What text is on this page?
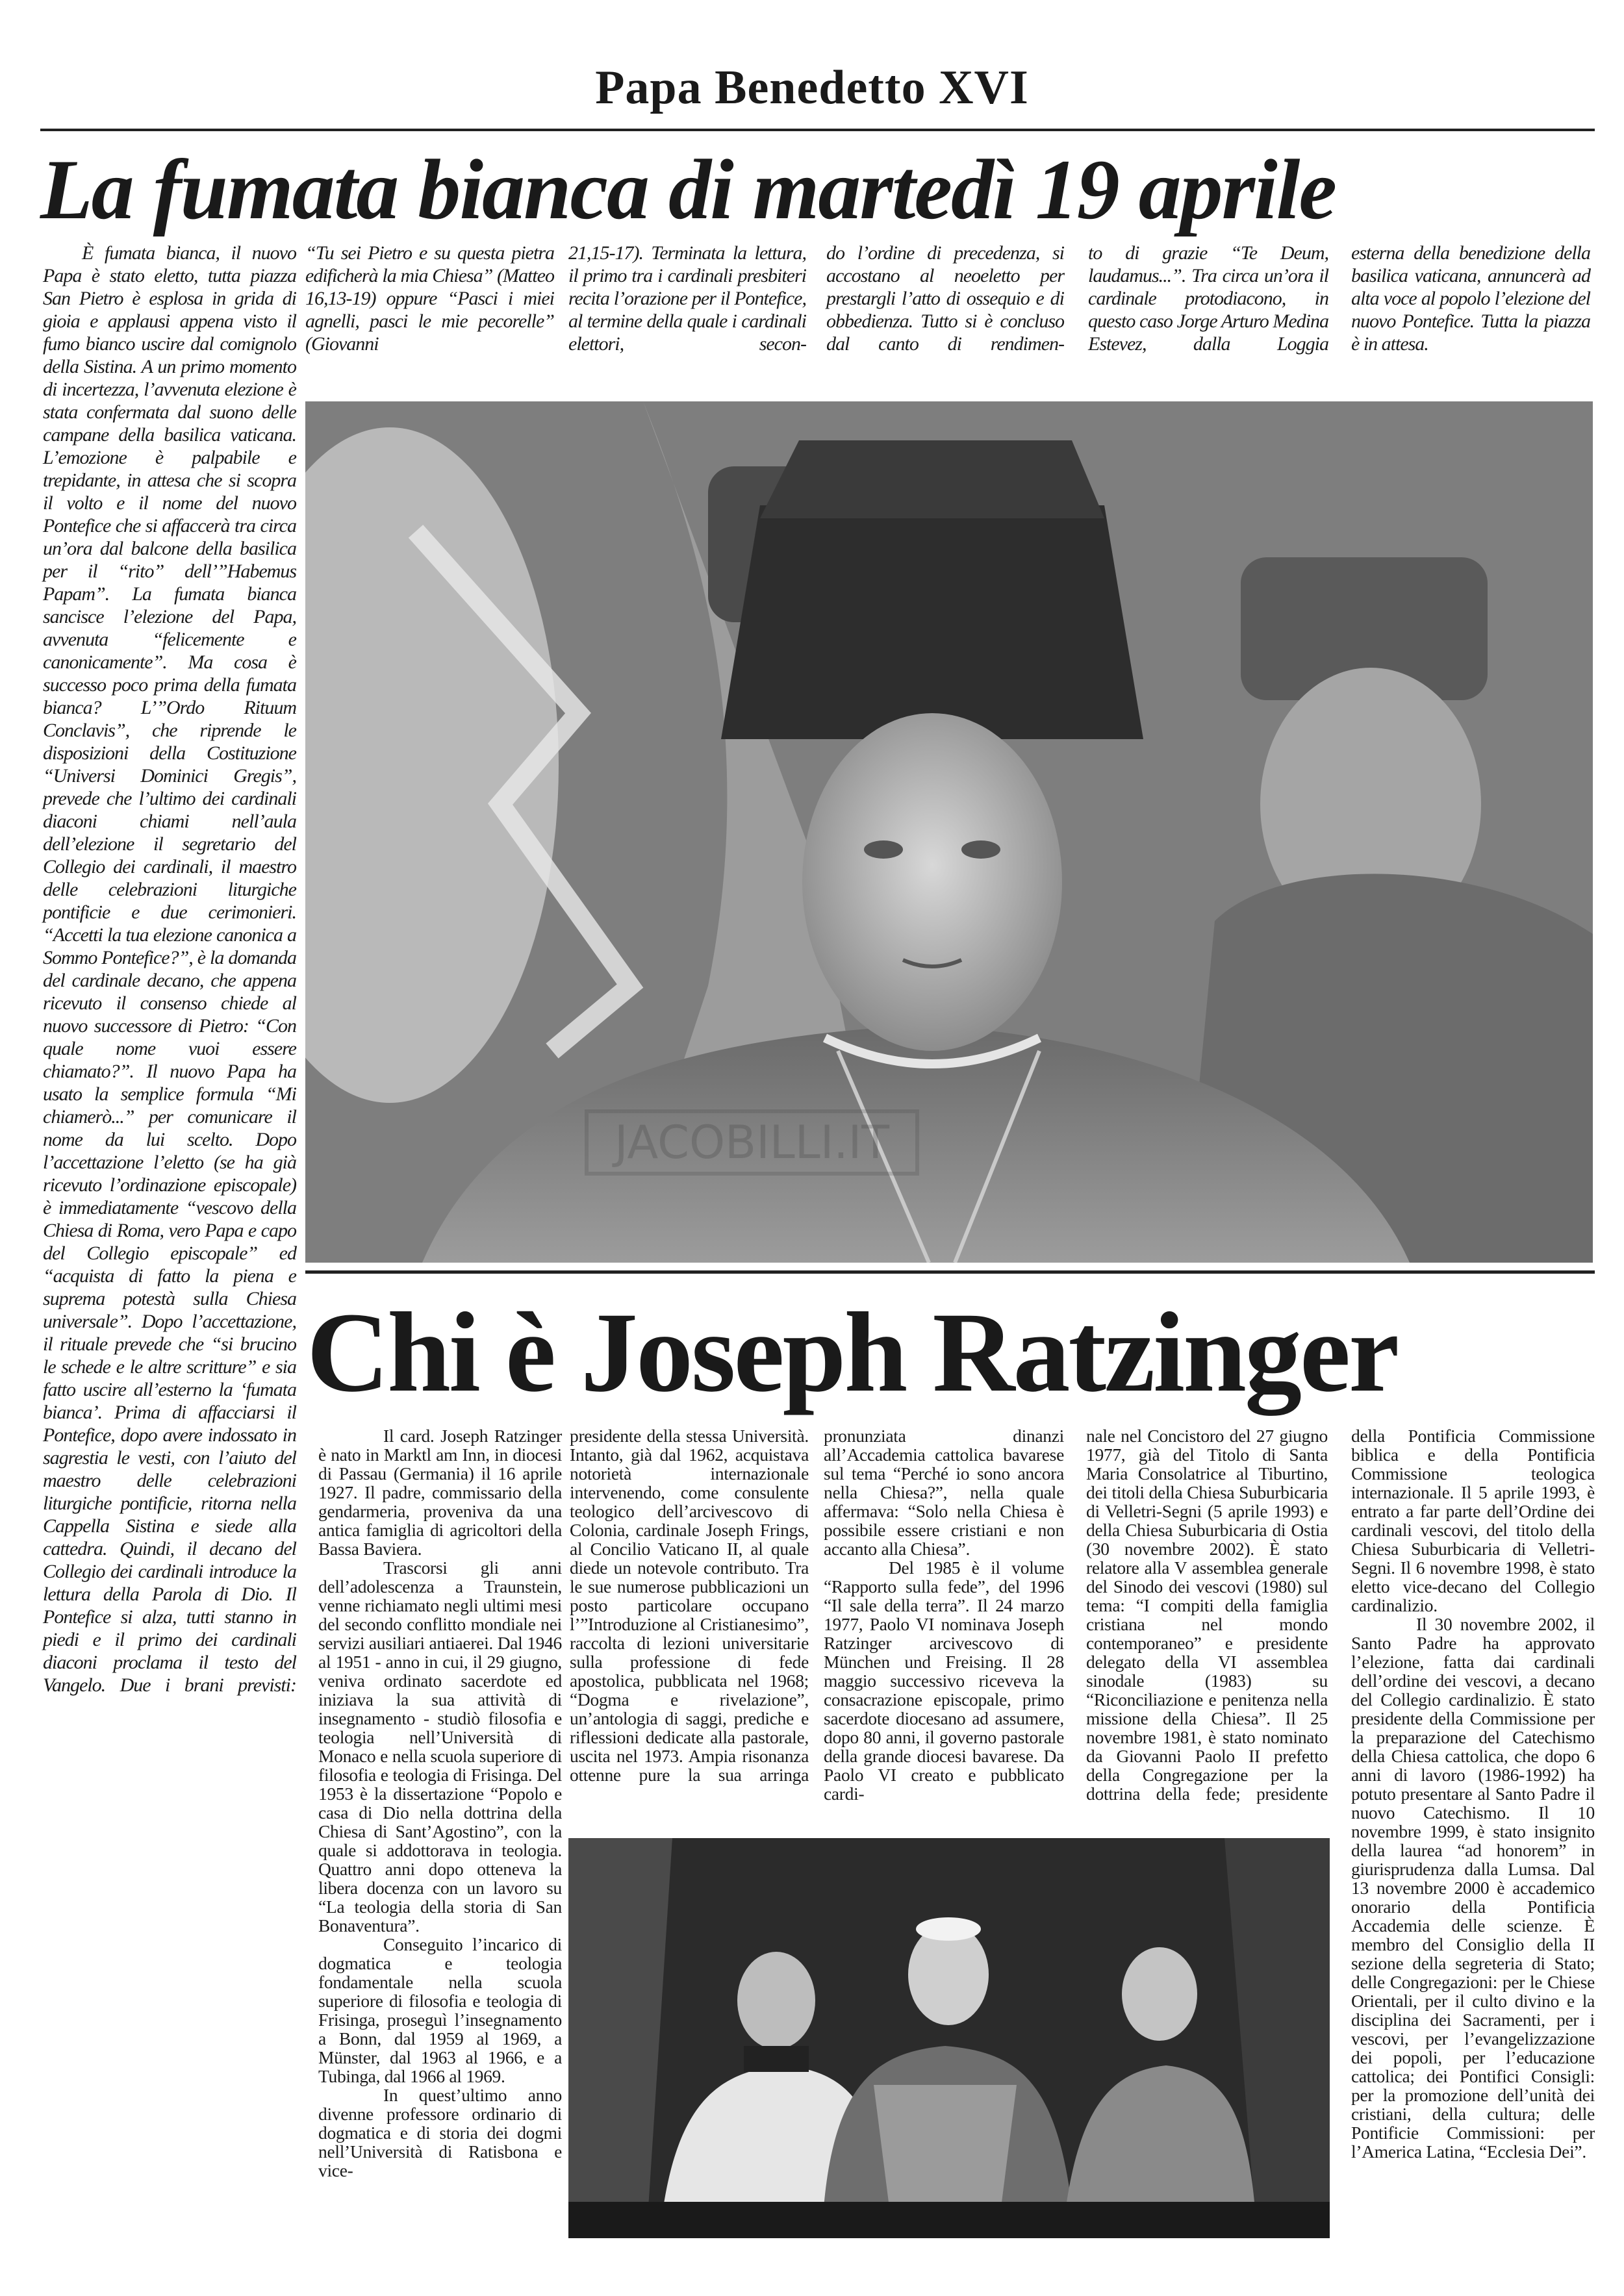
Papa Benedetto XVI
La fumata bianca di martedì 19 aprile

È fumata bianca, il nuovo Papa è stato eletto, tutta piazza San Pietro è esplosa in grida di gioia e applausi appena visto il fumo bianco uscire dal comignolo della Sistina. A un primo momento di incertezza, l’avvenuta elezione è stata confermata dal suono delle campane della basilica vaticana. L’emozione è palpabile e trepidante, in attesa che si scopra il volto e il nome del nuovo Pontefice che si affaccerà tra circa un’ora dal balcone della basilica per il “rito” dell’”Habemus Papam”. La fumata bianca sancisce l’elezione del Papa, avvenuta “felicemente e canonicamente”. Ma cosa è successo poco prima della fumata bianca? L’”Ordo Rituum Conclavis”, che riprende le disposizioni della Costituzione “Universi Dominici Gregis”, prevede che l’ultimo dei cardinali diaconi chiami nell’aula dell’elezione il segretario del Collegio dei cardinali, il maestro delle celebrazioni liturgiche pontificie e due cerimonieri. “Accetti la tua elezione canonica a Sommo Pontefice?”, è la domanda del cardinale decano, che appena ricevuto il consenso chiede al nuovo successore di Pietro: “Con quale nome vuoi essere chiamato?”. Il nuovo Papa ha usato la semplice formula “Mi chiamerò...” per comunicare il nome da lui scelto. Dopo l’accettazione l’eletto (se ha già ricevuto l’ordinazione episcopale) è immediatamente “vescovo della Chiesa di Roma, vero Papa e capo del Collegio episcopale” ed “acquista di fatto la piena e suprema potestà sulla Chiesa universale”. Dopo l’accettazione, il rituale prevede che “si brucino le schede e le altre scritture” e sia fatto uscire all’esterno la ‘fumata bianca’. Prima di affacciarsi il Pontefice, dopo avere indossato in sagrestia le vesti, con l’aiuto del maestro delle celebrazioni liturgiche pontificie, ritorna nella Cappella Sistina e siede alla cattedra. Quindi, il decano del Collegio dei cardinali introduce la lettura della Parola di Dio. Il Pontefice si alza, tutti stanno in piedi e il primo dei cardinali diaconi proclama il testo del Vangelo. Due i brani previsti:

“Tu sei Pietro e su questa pietra edificherà la mia Chiesa” (Matteo 16,13-19) oppure “Pasci i miei agnelli, pasci le mie pecorelle” (Giovanni

21,15-17). Terminata la lettura, il primo tra i cardinali presbiteri recita l’orazione per il Pontefice, al termine della quale i cardinali elettori, secon-

do l’ordine di precedenza, si accostano al neoeletto per prestargli l’atto di ossequio e di obbedienza. Tutto si è concluso dal canto di rendimen-

to di grazie “Te Deum, laudamus...”. Tra circa un’ora il cardinale protodiacono, in questo caso Jorge Arturo Medina Estevez, dalla Loggia

esterna della benedizione della basilica vaticana, annuncerà ad alta voce al popolo l’elezione del nuovo Pontefice. Tutta la piazza è in attesa.

JACOBILLI.IT
Chi è Joseph Ratzinger

Il card. Joseph Ratzinger è nato in Marktl am Inn, in diocesi di Passau (Germania) il 16 aprile 1927. Il padre, commissario della gendarmeria, proveniva da una antica famiglia di agricoltori della Bassa Baviera.

Trascorsi gli anni dell’adolescenza a Traunstein, venne richiamato negli ultimi mesi del secondo conflitto mondiale nei servizi ausiliari antiaerei. Dal 1946 al 1951 - anno in cui, il 29 giugno, veniva ordinato sacerdote ed iniziava la sua attività di insegnamento - studiò filosofia e teologia nell’Università di Monaco e nella scuola superiore di filosofia e teologia di Frisinga. Del 1953 è la dissertazione “Popolo e casa di Dio nella dottrina della Chiesa di Sant’Agostino”, con la quale si addottorava in teologia. Quattro anni dopo otteneva la libera docenza con un lavoro su “La teologia della storia di San Bonaventura”.

Conseguito l’incarico di dogmatica e teologia fondamentale nella scuola superiore di filosofia e teologia di Frisinga, proseguì l’insegnamento a Bonn, dal 1959 al 1969, a Münster, dal 1963 al 1966, e a Tubinga, dal 1966 al 1969.

In quest’ultimo anno divenne professore ordinario di dogmatica e di storia dei dogmi nell’Università di Ratisbona e vice-

presidente della stessa Università. Intanto, già dal 1962, acquistava notorietà internazionale intervenendo, come consulente teologico dell’arcivescovo di Colonia, cardinale Joseph Frings, al Concilio Vaticano II, al quale diede un notevole contributo. Tra le sue numerose pubblicazioni un posto particolare occupano l’”Introduzione al Cristianesimo”, raccolta di lezioni universitarie sulla professione di fede apostolica, pubblicata nel 1968; “Dogma e rivelazione”, un’antologia di saggi, prediche e riflessioni dedicate alla pastorale, uscita nel 1973. Ampia risonanza ottenne pure la sua arringa

pronunziata dinanzi all’Accademia cattolica bavarese sul tema “Perché io sono ancora nella Chiesa?”, nella quale affermava: “Solo nella Chiesa è possibile essere cristiani e non accanto alla Chiesa”.

Del 1985 è il volume “Rapporto sulla fede”, del 1996 “Il sale della terra”. Il 24 marzo 1977, Paolo VI nominava Joseph Ratzinger arcivescovo di München und Freising. Il 28 maggio successivo riceveva la consacrazione episcopale, primo sacerdote diocesano ad assumere, dopo 80 anni, il governo pastorale della grande diocesi bavarese. Da Paolo VI creato e pubblicato cardi-

nale nel Concistoro del 27 giugno 1977, già del Titolo di Santa Maria Consolatrice al Tiburtino, dei titoli della Chiesa Suburbicaria di Velletri-Segni (5 aprile 1993) e della Chiesa Suburbicaria di Ostia (30 novembre 2002). È stato relatore alla V assemblea generale del Sinodo dei vescovi (1980) sul tema: “I compiti della famiglia cristiana nel mondo contemporaneo” e presidente delegato della VI assemblea sinodale (1983) su “Riconciliazione e penitenza nella missione della Chiesa”. Il 25 novembre 1981, è stato nominato da Giovanni Paolo II prefetto della Congregazione per la dottrina della fede; presidente

della Pontificia Commissione biblica e della Pontificia Commissione teologica internazionale. Il 5 aprile 1993, è entrato a far parte dell’Ordine dei cardinali vescovi, del titolo della Chiesa Suburbicaria di Velletri-Segni. Il 6 novembre 1998, è stato eletto vice-decano del Collegio cardinalizio.

Il 30 novembre 2002, il Santo Padre ha approvato l’elezione, fatta dai cardinali dell’ordine dei vescovi, a decano del Collegio cardinalizio. È stato presidente della Commissione per la preparazione del Catechismo della Chiesa cattolica, che dopo 6 anni di lavoro (1986-1992) ha potuto presentare al Santo Padre il nuovo Catechismo. Il 10 novembre 1999, è stato insignito della laurea “ad honorem” in giurisprudenza dalla Lumsa. Dal 13 novembre 2000 è accademico onorario della Pontificia Accademia delle scienze. È membro del Consiglio della II sezione della segreteria di Stato; delle Congregazioni: per le Chiese Orientali, per il culto divino e la disciplina dei Sacramenti, per i vescovi, per l’evangelizzazione dei popoli, per l’educazione cattolica; dei Pontifici Consigli: per la promozione dell’unità dei cristiani, della cultura; delle Pontificie Commissioni: per l’America Latina, “Ecclesia Dei”.
